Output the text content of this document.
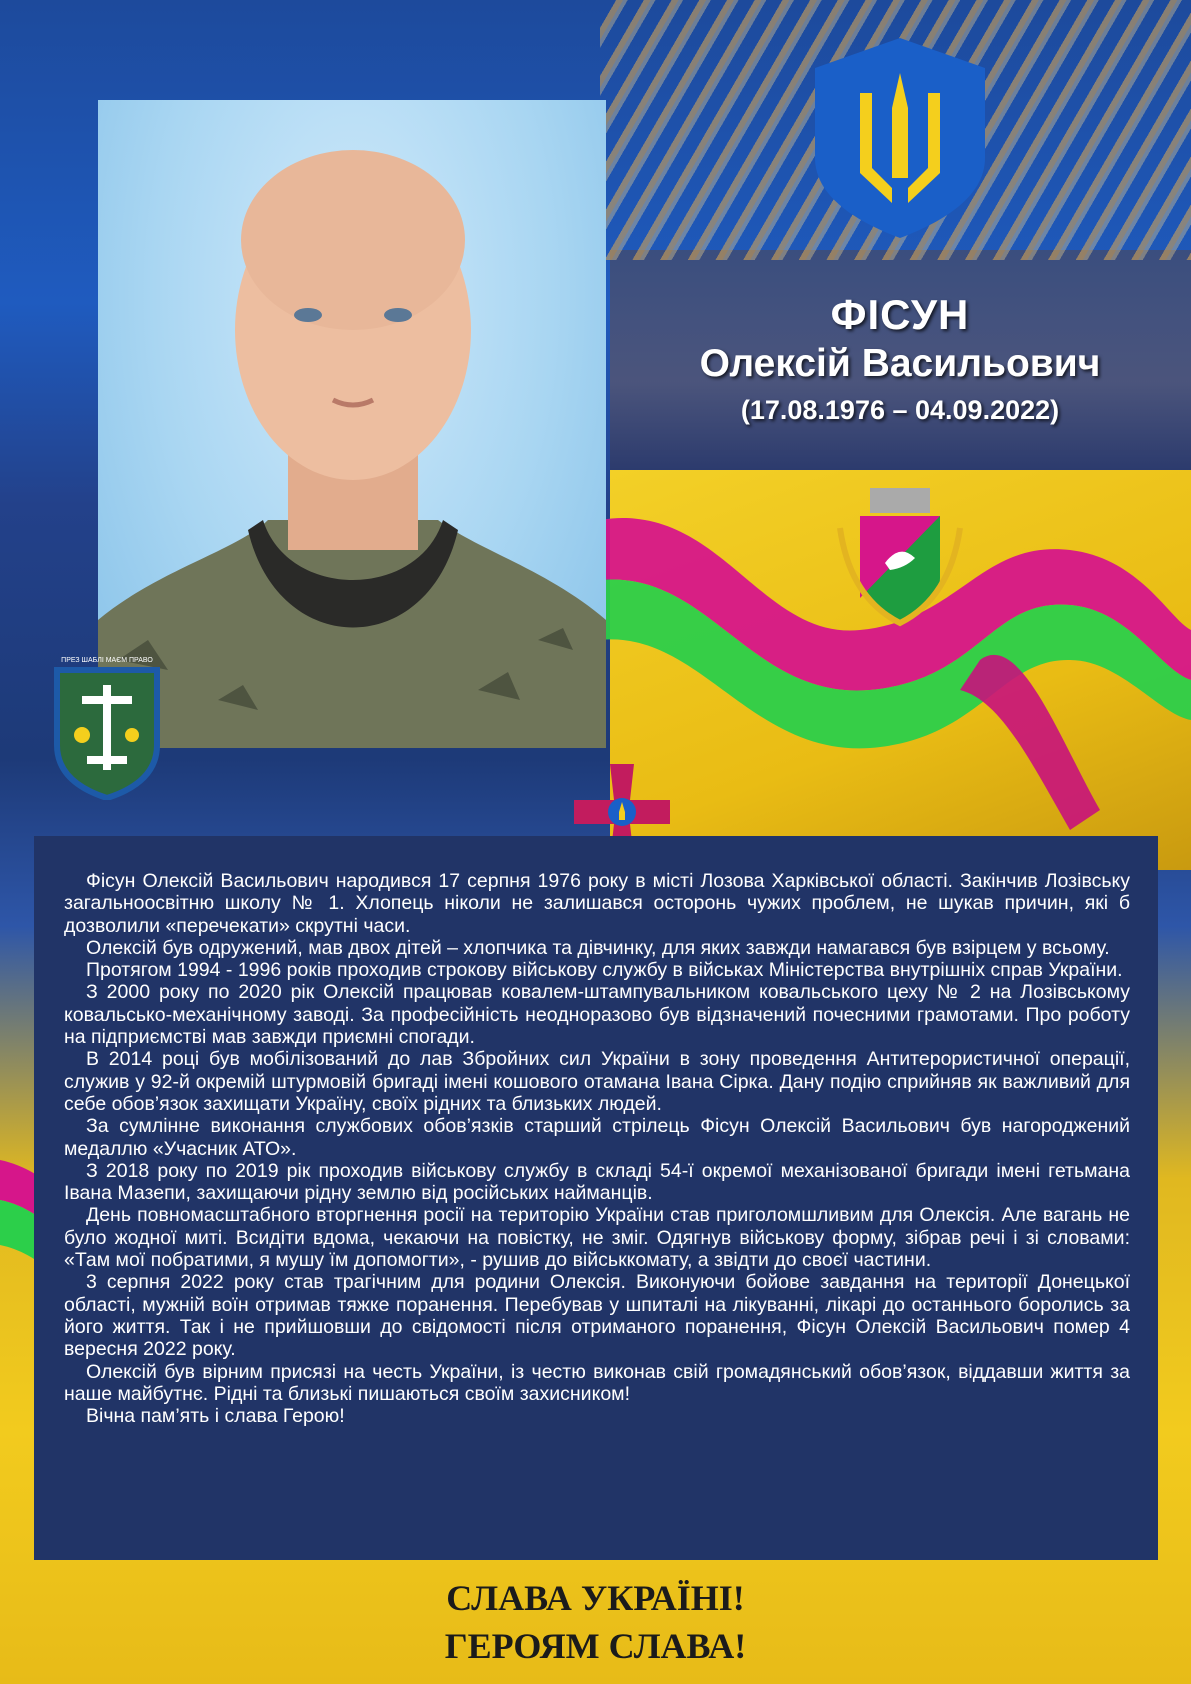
ФІСУН
Олексій Васильович
(17.08.1976 – 04.09.2022)
ПРЕЗ ШАБЛІ МАЄМ ПРАВО

Фісун Олексій Васильович народився 17 серпня 1976 року в місті Лозова Харківської області. Закінчив Лозівську загальноосвітню школу № 1. Хлопець ніколи не залишався осторонь чужих проблем, не шукав причин, які б дозволили «перечекати» скрутні часи.

Олексій був одружений, мав двох дітей – хлопчика та дівчинку, для яких завжди намагався був взірцем у всьому.

Протягом 1994 - 1996 років проходив строкову військову службу в військах Міністерства внутрішніх справ України.

З 2000 року по 2020 рік Олексій працював ковалем-штампувальником ковальського цеху № 2 на Лозівському ковальсько-механічному заводі. За професійність неодноразово був відзначений почесними грамотами. Про роботу на підприємстві мав завжди приємні спогади.

В 2014 році був мобілізований до лав Збройних сил України в зону проведення Антитерористичної операції, служив у 92-й окремій штурмовій бригаді імені кошового отамана Івана Сірка. Дану подію сприйняв як важливий для себе обов’язок захищати Україну, своїх рідних та близьких людей.

За сумлінне виконання службових обов’язків старший стрілець Фісун Олексій Васильович був нагороджений медаллю «Учасник АТО».

З 2018 року по 2019 рік проходив військову службу в складі 54-ї окремої механізованої бригади імені гетьмана Івана Мазепи, захищаючи рідну землю від російських найманців.

День повномасштабного вторгнення росії на територію України став приголомшливим для Олексія. Але вагань не було жодної миті. Всидіти вдома, чекаючи на повістку, не зміг. Одягнув військову форму, зібрав речі і зі словами: «Там мої побратими, я мушу їм допомогти», - рушив до військкомату, а звідти до своєї частини.

3 серпня 2022 року став трагічним для родини Олексія. Виконуючи бойове завдання на території Донецької області, мужній воїн отримав тяжке поранення. Перебував у шпиталі на лікуванні, лікарі до останнього боролись за його життя. Так і не прийшовши до свідомості після отриманого поранення, Фісун Олексій Васильович помер 4 вересня 2022 року.

Олексій був вірним присязі на честь України, із честю виконав свій громадянський обов’язок, віддавши життя за наше майбутнє. Рідні та близькі пишаються своїм захисником!

Вічна пам’ять і слава Герою!

СЛАВА УКРАЇНІ!
ГЕРОЯМ СЛАВА!
